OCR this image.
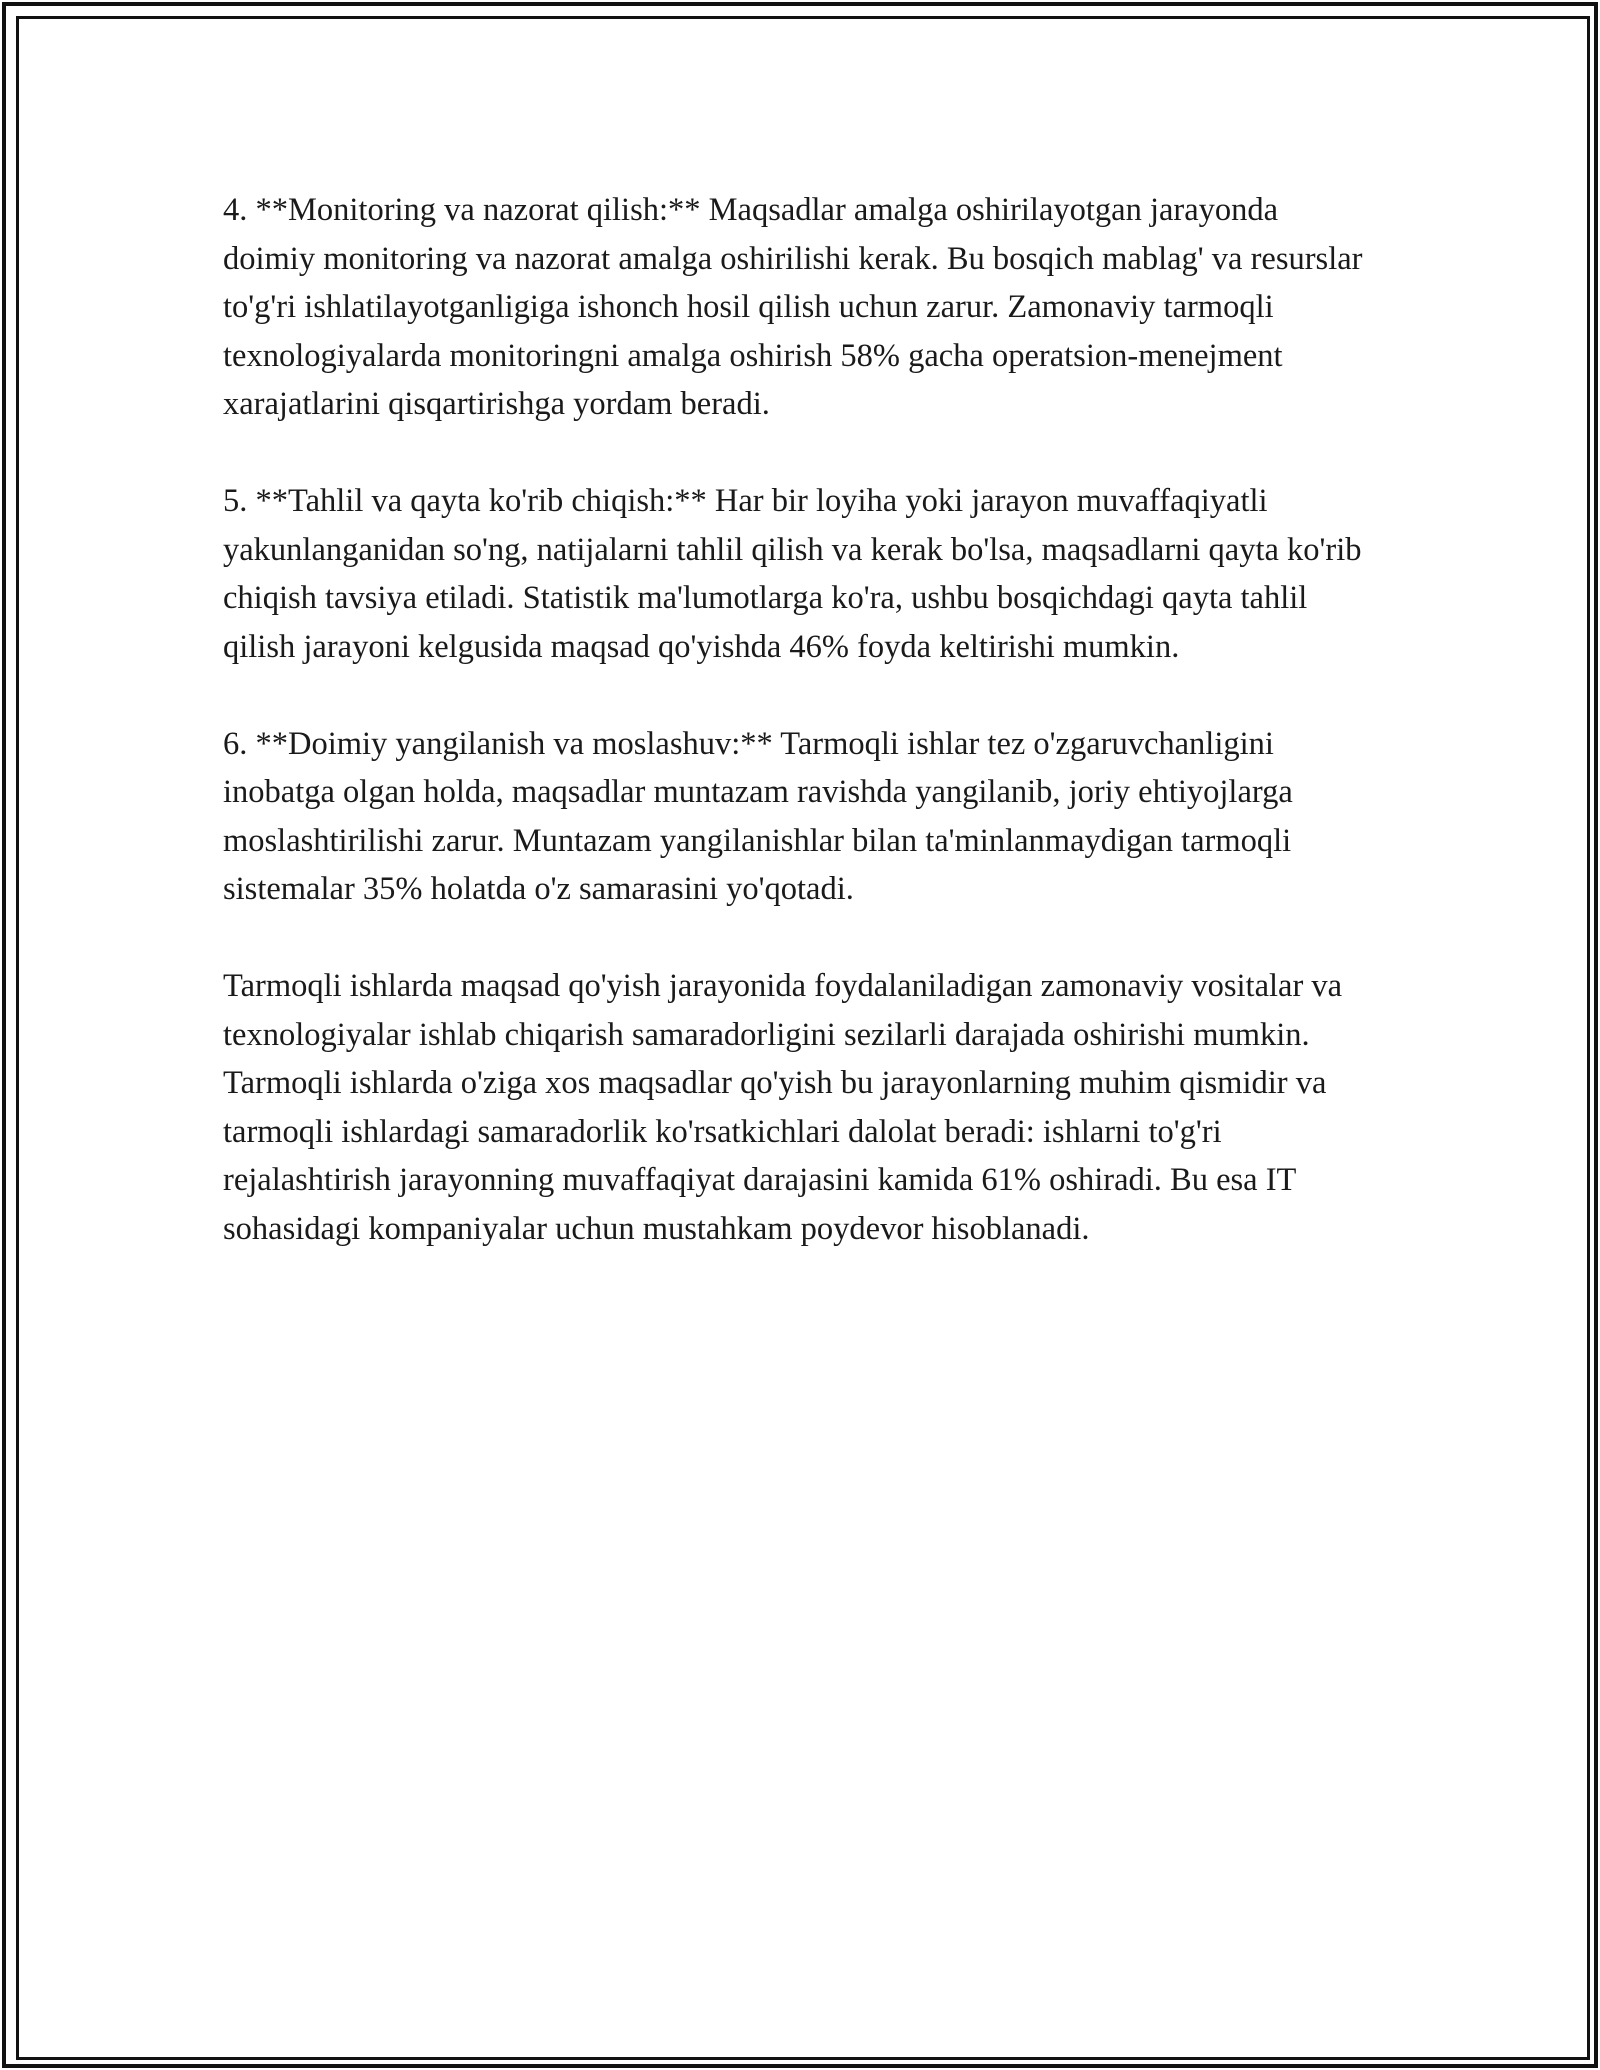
4. **Monitoring va nazorat qilish:** Maqsadlar amalga oshirilayotgan jarayonda doimiy monitoring va nazorat amalga oshirilishi kerak. Bu bosqich mablag' va resurslar to'g'ri ishlatilayotganligiga ishonch hosil qilish uchun zarur. Zamonaviy tarmoqli texnologiyalarda monitoringni amalga oshirish 58% gacha operatsion-menejment xarajatlarini qisqartirishga yordam beradi.

5. **Tahlil va qayta ko'rib chiqish:** Har bir loyiha yoki jarayon muvaffaqiyatli yakunlanganidan so'ng, natijalarni tahlil qilish va kerak bo'lsa, maqsadlarni qayta ko'rib chiqish tavsiya etiladi. Statistik ma'lumotlarga ko'ra, ushbu bosqichdagi qayta tahlil qilish jarayoni kelgusida maqsad qo'yishda 46% foyda keltirishi mumkin.

6. **Doimiy yangilanish va moslashuv:** Tarmoqli ishlar tez o'zgaruvchanligini inobatga olgan holda, maqsadlar muntazam ravishda yangilanib, joriy ehtiyojlarga moslashtirilishi zarur. Muntazam yangilanishlar bilan ta'minlanmaydigan tarmoqli sistemalar 35% holatda o'z samarasini yo'qotadi.

Tarmoqli ishlarda maqsad qo'yish jarayonida foydalaniladigan zamonaviy vositalar va texnologiyalar ishlab chiqarish samaradorligini sezilarli darajada oshirishi mumkin. Tarmoqli ishlarda o'ziga xos maqsadlar qo'yish bu jarayonlarning muhim qismidir va tarmoqli ishlardagi samaradorlik ko'rsatkichlari dalolat beradi: ishlarni to'g'ri rejalashtirish jarayonning muvaffaqiyat darajasini kamida 61% oshiradi. Bu esa IT sohasidagi kompaniyalar uchun mustahkam poydevor hisoblanadi.
